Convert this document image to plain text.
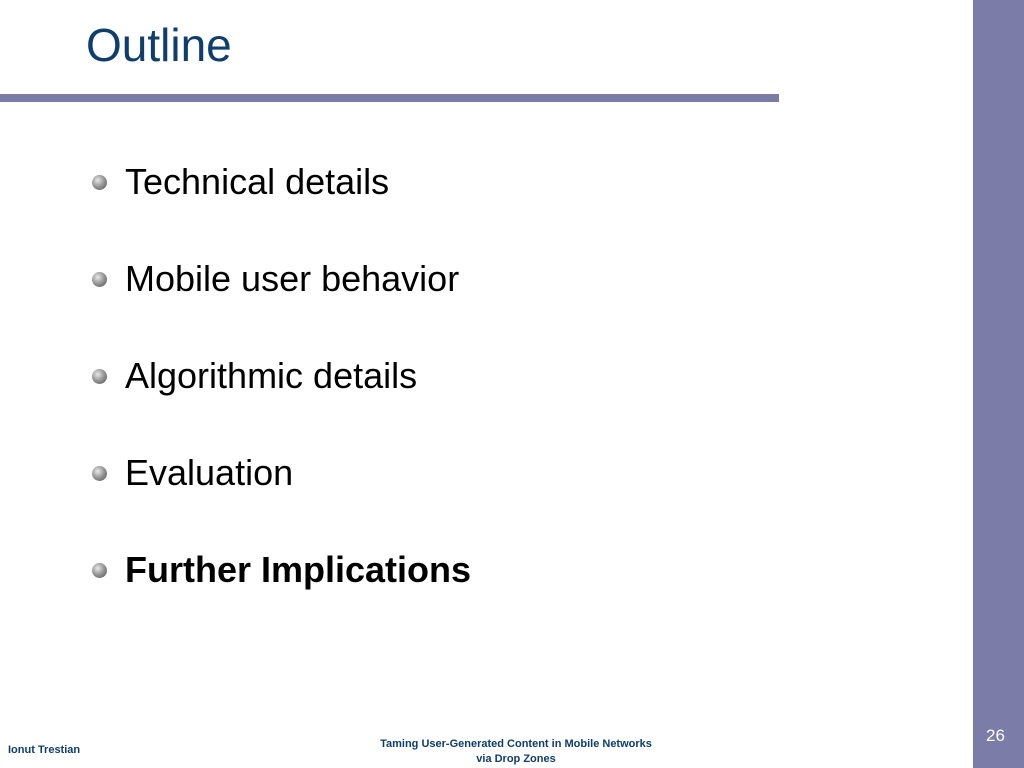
Outline
Technical details
Mobile user behavior
Algorithmic details
Evaluation
Further Implications
Ionut Trestian	Taming User-Generated Content in Mobile Networks
via Drop Zones
26
